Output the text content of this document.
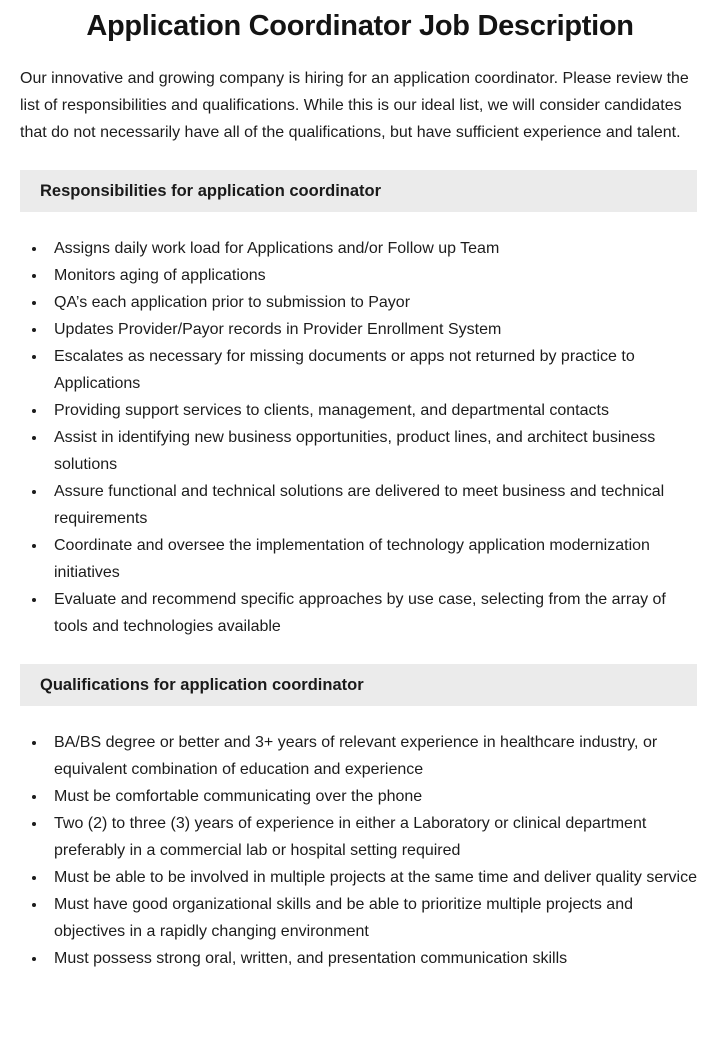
Application Coordinator Job Description

Our innovative and growing company is hiring for an application coordinator. Please review the list of responsibilities and qualifications. While this is our ideal list, we will consider candidates that do not necessarily have all of the qualifications, but have sufficient experience and talent.

Responsibilities for application coordinator
• Assigns daily work load for Applications and/or Follow up Team
• Monitors aging of applications
• QA’s each application prior to submission to Payor
• Updates Provider/Payor records in Provider Enrollment System
• Escalates as necessary for missing documents or apps not returned by practice to Applications
• Providing support services to clients, management, and departmental contacts
• Assist in identifying new business opportunities, product lines, and architect business solutions
• Assure functional and technical solutions are delivered to meet business and technical requirements
• Coordinate and oversee the implementation of technology application modernization initiatives
• Evaluate and recommend specific approaches by use case, selecting from the array of tools and technologies available
Qualifications for application coordinator
• BA/BS degree or better and 3+ years of relevant experience in healthcare industry, or equivalent combination of education and experience
• Must be comfortable communicating over the phone
• Two (2) to three (3) years of experience in either a Laboratory or clinical department preferably in a commercial lab or hospital setting required
• Must be able to be involved in multiple projects at the same time and deliver quality service
• Must have good organizational skills and be able to prioritize multiple projects and objectives in a rapidly changing environment
• Must possess strong oral, written, and presentation communication skills
